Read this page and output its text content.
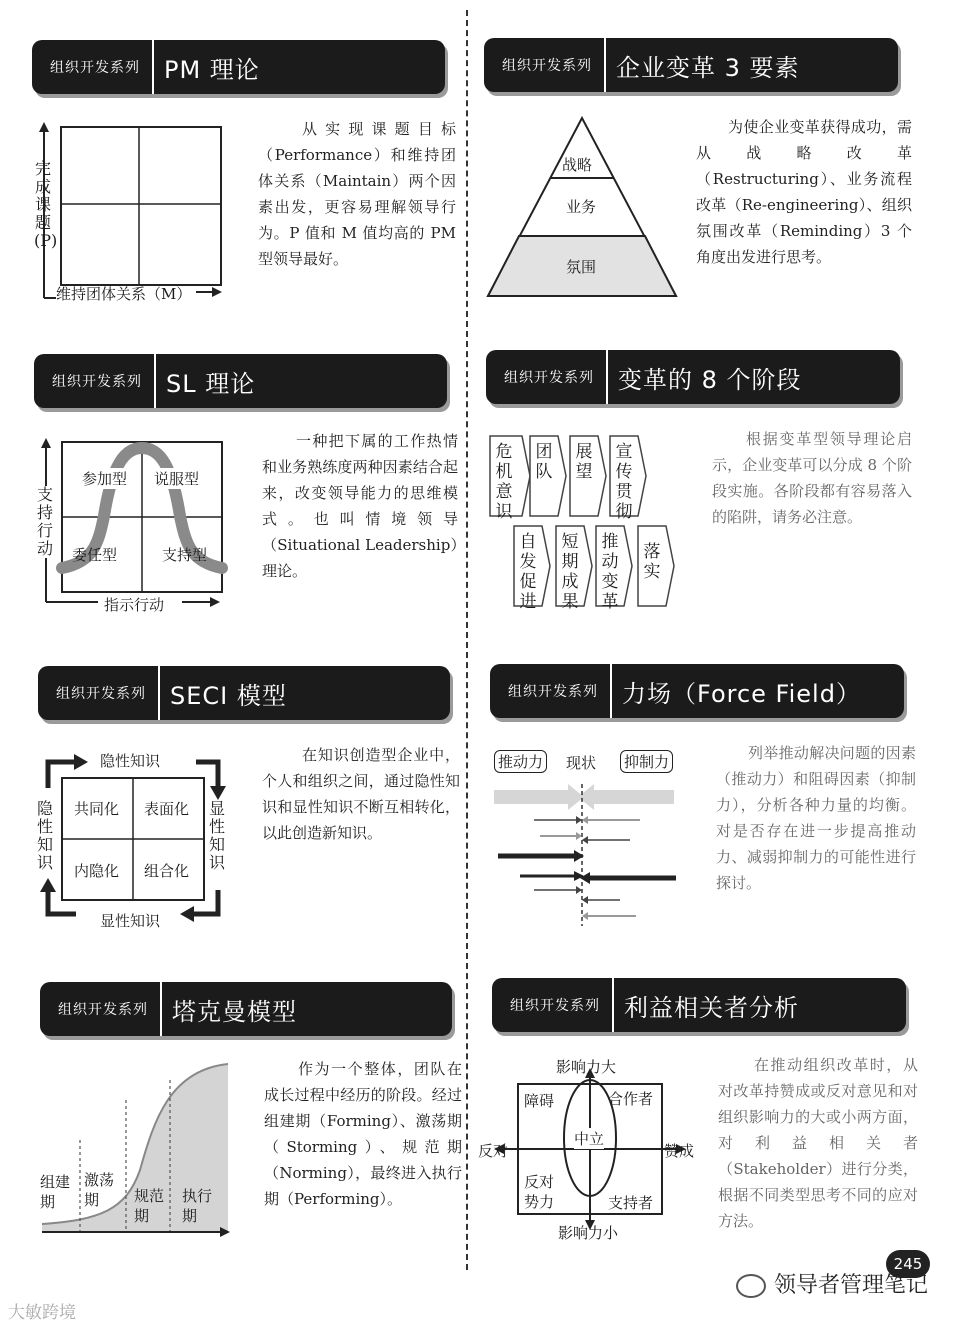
组织开发系列	PM 理论
完成课题(P)
维持团体关系（M）
从实现课题目标（Performance）和维持团体关系（Maintain）两个因素出发，更容易理解领导行为。P 值和 M 值均高的 PM 型领导最好。
组织开发系列	企业变革 3 要素
战略
业务
氛围
为使企业变革获得成功，需从战略改革（Restructuring）、业务流程改革（Re-engineering）、组织氛围改革（Reminding）3 个角度出发进行思考。
组织开发系列	SL 理论
参加型 说服型
委任型	支持型
支持行动
指示行动
一种把下属的工作热情和业务熟练度两种因素结合起来，改变领导能力的思维模式。也叫情境领导（Situational Leadership）理论。
组织开发系列	变革的 8 个阶段
危机意识
团队
展望
宣传贯彻
自发促进
短期成果
推动变革
落实
根据变革型领导理论启示，企业变革可以分成 8 个阶段实施。各阶段都有容易落入的陷阱，请务必注意。
组织开发系列	SECI 模型
隐性知识
显性知识
隐性知识
显性知识
共同化 表面化
内隐化 组合化
在知识创造型企业中，个人和组织之间，通过隐性知识和显性知识不断互相转化，以此创造新知识。
组织开发系列	力场（Force Field）
推动力 现状 抑制力	列举推动解决问题的因素（推动力）和阻碍因素（抑制力），分析各种力量的均衡。对是否存在进一步提高推动力、减弱抑制力的可能性进行探讨。
组织开发系列	塔克曼模型
组建期
激荡期	规范期
执行期
作为一个整体，团队在成长过程中经历的阶段。经过组建期（Forming）、激荡期（Storming）、规范期（Norming），最终进入执行期（Performing）。
组织开发系列	利益相关者分析
影响力大
影响力小
反对	赞成
障碍	合作者
中立
反对势力	支持者
在推动组织改革时，从对改革持赞成或反对意见和对组织影响力的大或小两方面，对利益相关者（Stakeholder）进行分类，根据不同类型思考不同的应对方法。
245
领导者管理笔记
大敏跨境
